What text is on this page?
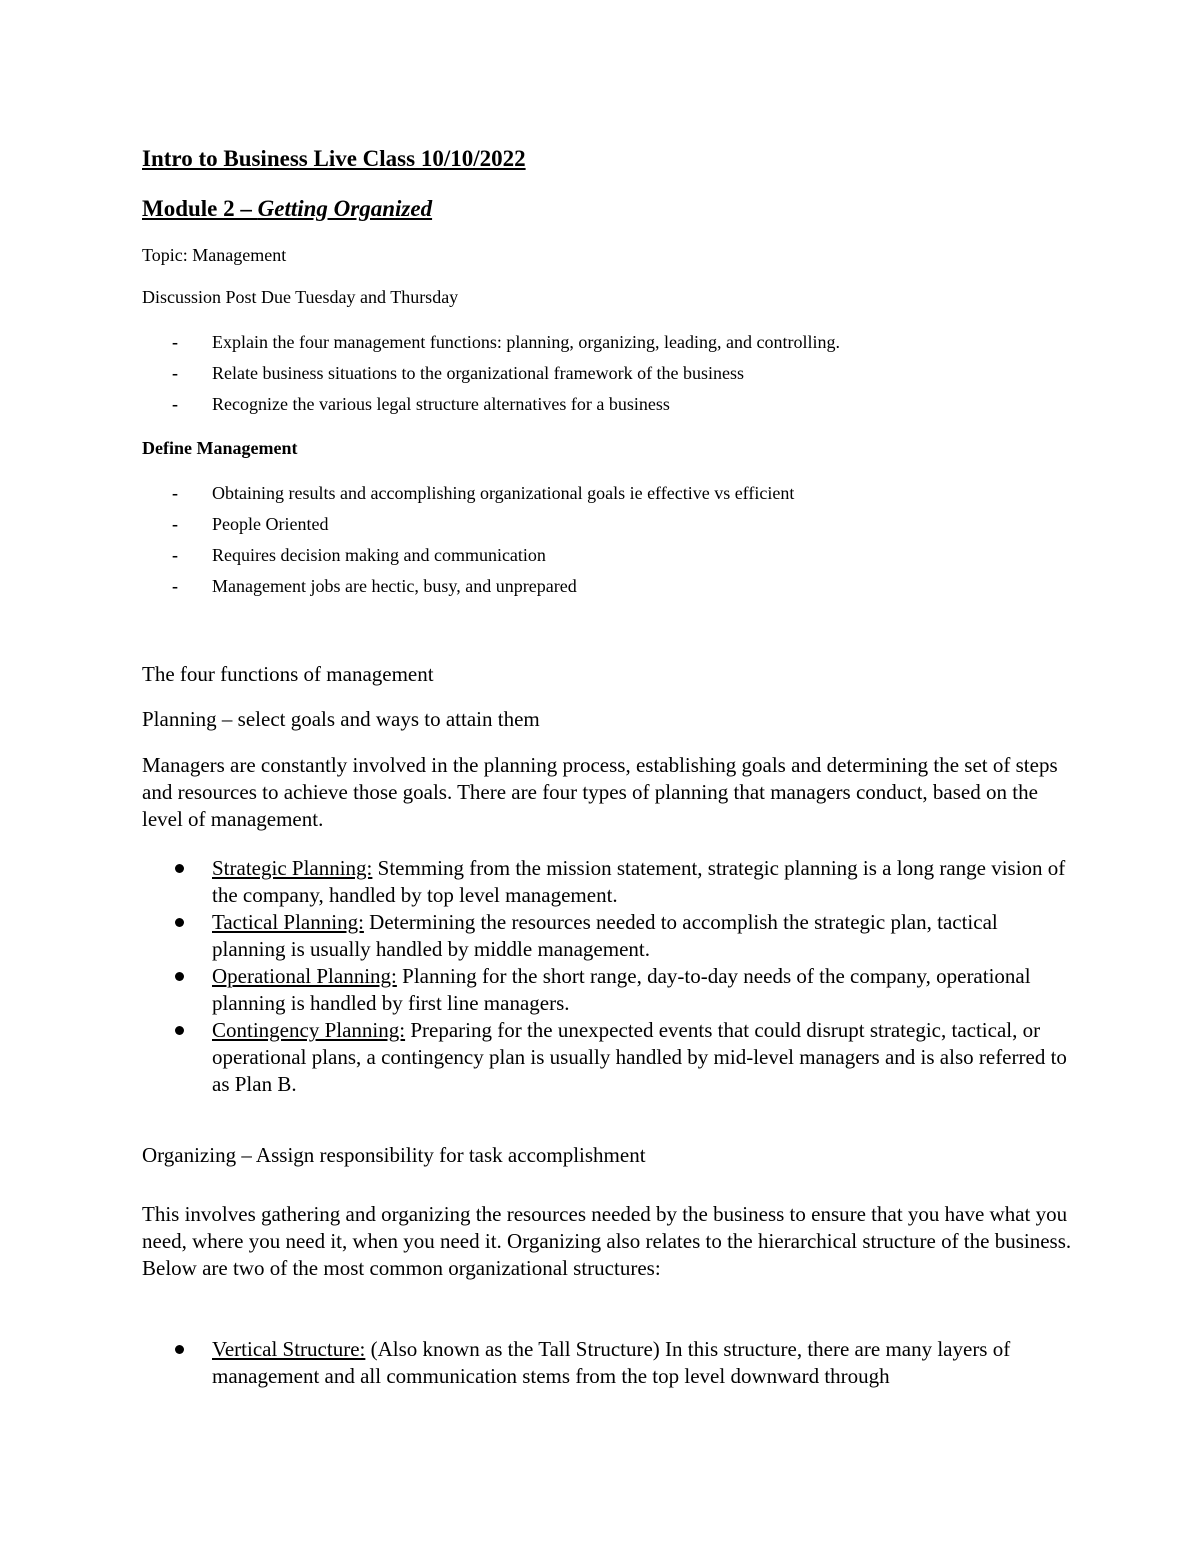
Intro to Business Live Class 10/10/2022
Module 2 – Getting Organized
Topic: Management
Discussion Post Due Tuesday and Thursday
- Explain the four management functions: planning, organizing, leading, and controlling.
- Relate business situations to the organizational framework of the business
- Recognize the various legal structure alternatives for a business
Define Management
- Obtaining results and accomplishing organizational goals ie effective vs efficient
- People Oriented
- Requires decision making and communication
- Management jobs are hectic, busy, and unprepared
The four functions of management
Planning – select goals and ways to attain them
Managers are constantly involved in the planning process, establishing goals and determining the set of steps and resources to achieve those goals. There are four types of planning that managers conduct, based on the level of management.
Strategic Planning: Stemming from the mission statement, strategic planning is a long range vision of the company, handled by top level management.
Tactical Planning: Determining the resources needed to accomplish the strategic plan, tactical planning is usually handled by middle management.
Operational Planning: Planning for the short range, day-to-day needs of the company, operational planning is handled by first line managers.
Contingency Planning: Preparing for the unexpected events that could disrupt strategic, tactical, or operational plans, a contingency plan is usually handled by mid-level managers and is also referred to as Plan B.
Organizing – Assign responsibility for task accomplishment
This involves gathering and organizing the resources needed by the business to ensure that you have what you need, where you need it, when you need it. Organizing also relates to the hierarchical structure of the business. Below are two of the most common organizational structures:
Vertical Structure: (Also known as the Tall Structure) In this structure, there are many layers of management and all communication stems from the top level downward through
